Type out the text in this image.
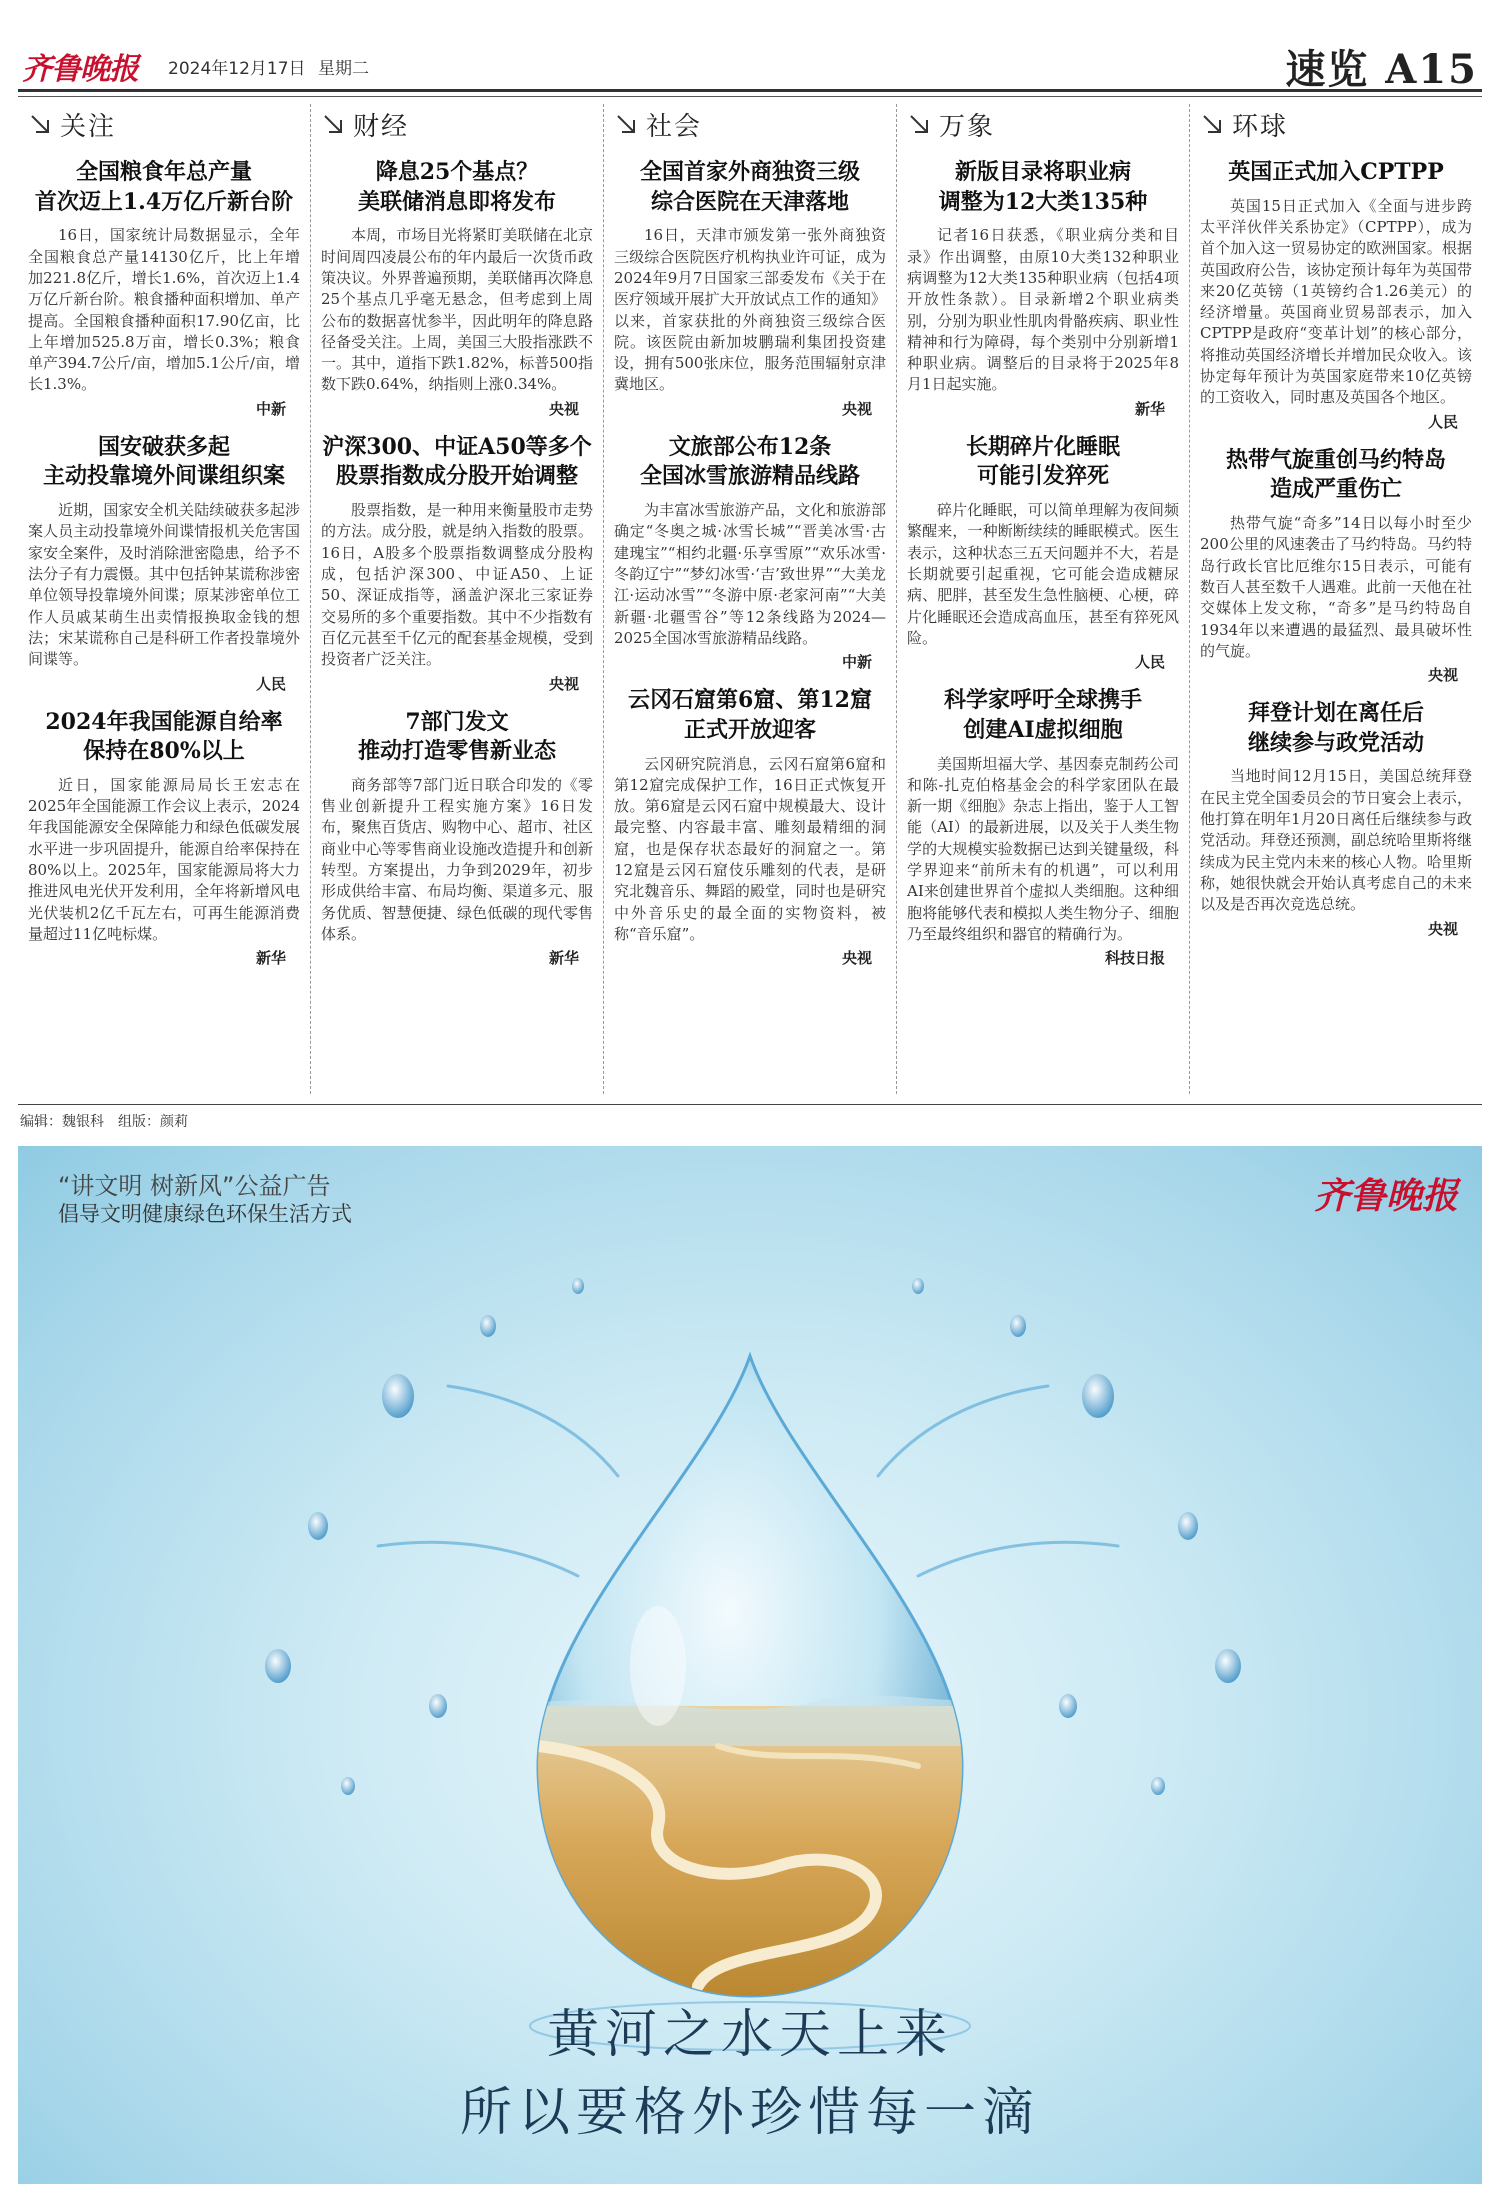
齐鲁晚报 2024年12月17日 星期二	速览 A15
关注
全国粮食年总产量
首次迈上1.4万亿斤新台阶
16日，国家统计局数据显示，全年全国粮食总产量14130亿斤，比上年增加221.8亿斤，增长1.6%，首次迈上1.4万亿斤新台阶。粮食播种面积增加、单产提高。全国粮食播种面积17.90亿亩，比上年增加525.8万亩，增长0.3%；粮食单产394.7公斤/亩，增加5.1公斤/亩，增长1.3%。
中新
国安破获多起
主动投靠境外间谍组织案
近期，国家安全机关陆续破获多起涉案人员主动投靠境外间谍情报机关危害国家安全案件，及时消除泄密隐患，给予不法分子有力震慑。其中包括钟某谎称涉密单位领导投靠境外间谍；原某涉密单位工作人员戚某萌生出卖情报换取金钱的想法；宋某谎称自己是科研工作者投靠境外间谍等。
人民
2024年我国能源自给率
保持在80%以上
近日，国家能源局局长王宏志在2025年全国能源工作会议上表示，2024年我国能源安全保障能力和绿色低碳发展水平进一步巩固提升，能源自给率保持在80%以上。2025年，国家能源局将大力推进风电光伏开发利用，全年将新增风电光伏装机2亿千瓦左右，可再生能源消费量超过11亿吨标煤。
新华
财经
降息25个基点？
美联储消息即将发布
本周，市场目光将紧盯美联储在北京时间周四凌晨公布的年内最后一次货币政策决议。外界普遍预期，美联储再次降息25个基点几乎毫无悬念，但考虑到上周公布的数据喜忧参半，因此明年的降息路径备受关注。上周，美国三大股指涨跌不一。其中，道指下跌1.82%，标普500指数下跌0.64%，纳指则上涨0.34%。
央视
沪深300、中证A50等多个
股票指数成分股开始调整
股票指数，是一种用来衡量股市走势的方法。成分股，就是纳入指数的股票。16日，A股多个股票指数调整成分股构成，包括沪深300、中证A50、上证50、深证成指等，涵盖沪深北三家证券交易所的多个重要指数。其中不少指数有百亿元甚至千亿元的配套基金规模，受到投资者广泛关注。
央视
7部门发文
推动打造零售新业态
商务部等7部门近日联合印发的《零售业创新提升工程实施方案》16日发布，聚焦百货店、购物中心、超市、社区商业中心等零售商业设施改造提升和创新转型。方案提出，力争到2029年，初步形成供给丰富、布局均衡、渠道多元、服务优质、智慧便捷、绿色低碳的现代零售体系。
新华
社会
全国首家外商独资三级
综合医院在天津落地
16日，天津市颁发第一张外商独资三级综合医院医疗机构执业许可证，成为2024年9月7日国家三部委发布《关于在医疗领域开展扩大开放试点工作的通知》以来，首家获批的外商独资三级综合医院。该医院由新加坡鹏瑞利集团投资建设，拥有500张床位，服务范围辐射京津冀地区。
央视
文旅部公布12条
全国冰雪旅游精品线路
为丰富冰雪旅游产品，文化和旅游部确定“冬奥之城·冰雪长城”“晋美冰雪·古建瑰宝”“相约北疆·乐享雪原”“欢乐冰雪·冬韵辽宁”“梦幻冰雪·‘吉’致世界”“大美龙江·运动冰雪”“冬游中原·老家河南”“大美新疆·北疆雪谷”等12条线路为2024—2025全国冰雪旅游精品线路。
中新
云冈石窟第6窟、第12窟
正式开放迎客
云冈研究院消息，云冈石窟第6窟和第12窟完成保护工作，16日正式恢复开放。第6窟是云冈石窟中规模最大、设计最完整、内容最丰富、雕刻最精细的洞窟，也是保存状态最好的洞窟之一。第12窟是云冈石窟伎乐雕刻的代表，是研究北魏音乐、舞蹈的殿堂，同时也是研究中外音乐史的最全面的实物资料，被称“音乐窟”。
央视
万象
新版目录将职业病
调整为12大类135种
记者16日获悉，《职业病分类和目录》作出调整，由原10大类132种职业病调整为12大类135种职业病（包括4项开放性条款）。目录新增2个职业病类别，分别为职业性肌肉骨骼疾病、职业性精神和行为障碍，每个类别中分别新增1种职业病。调整后的目录将于2025年8月1日起实施。
新华
长期碎片化睡眠
可能引发猝死
碎片化睡眠，可以简单理解为夜间频繁醒来，一种断断续续的睡眠模式。医生表示，这种状态三五天问题并不大，若是长期就要引起重视，它可能会造成糖尿病、肥胖，甚至发生急性脑梗、心梗，碎片化睡眠还会造成高血压，甚至有猝死风险。
人民
科学家呼吁全球携手
创建AI虚拟细胞
美国斯坦福大学、基因泰克制药公司和陈-扎克伯格基金会的科学家团队在最新一期《细胞》杂志上指出，鉴于人工智能（AI）的最新进展，以及关于人类生物学的大规模实验数据已达到关键量级，科学界迎来“前所未有的机遇”，可以利用AI来创建世界首个虚拟人类细胞。这种细胞将能够代表和模拟人类生物分子、细胞乃至最终组织和器官的精确行为。
科技日报
环球
英国正式加入CPTPP
英国15日正式加入《全面与进步跨太平洋伙伴关系协定》（CPTPP），成为首个加入这一贸易协定的欧洲国家。根据英国政府公告，该协定预计每年为英国带来20亿英镑（1英镑约合1.26美元）的经济增量。英国商业贸易部表示，加入CPTPP是政府“变革计划”的核心部分，将推动英国经济增长并增加民众收入。该协定每年预计为英国家庭带来10亿英镑的工资收入，同时惠及英国各个地区。
人民
热带气旋重创马约特岛
造成严重伤亡
热带气旋“奇多”14日以每小时至少200公里的风速袭击了马约特岛。马约特岛行政长官比厄维尔15日表示，可能有数百人甚至数千人遇难。此前一天他在社交媒体上发文称，“奇多”是马约特岛自1934年以来遭遇的最猛烈、最具破坏性的气旋。
央视
拜登计划在离任后
继续参与政党活动
当地时间12月15日，美国总统拜登在民主党全国委员会的节日宴会上表示，他打算在明年1月20日离任后继续参与政党活动。拜登还预测，副总统哈里斯将继续成为民主党内未来的核心人物。哈里斯称，她很快就会开始认真考虑自己的未来以及是否再次竞选总统。
央视
编辑：魏银科　组版：颜莉
“讲文明 树新风”公益广告
倡导文明健康绿色环保生活方式	齐鲁晚报
黄河之水天上来
所以要格外珍惜每一滴
